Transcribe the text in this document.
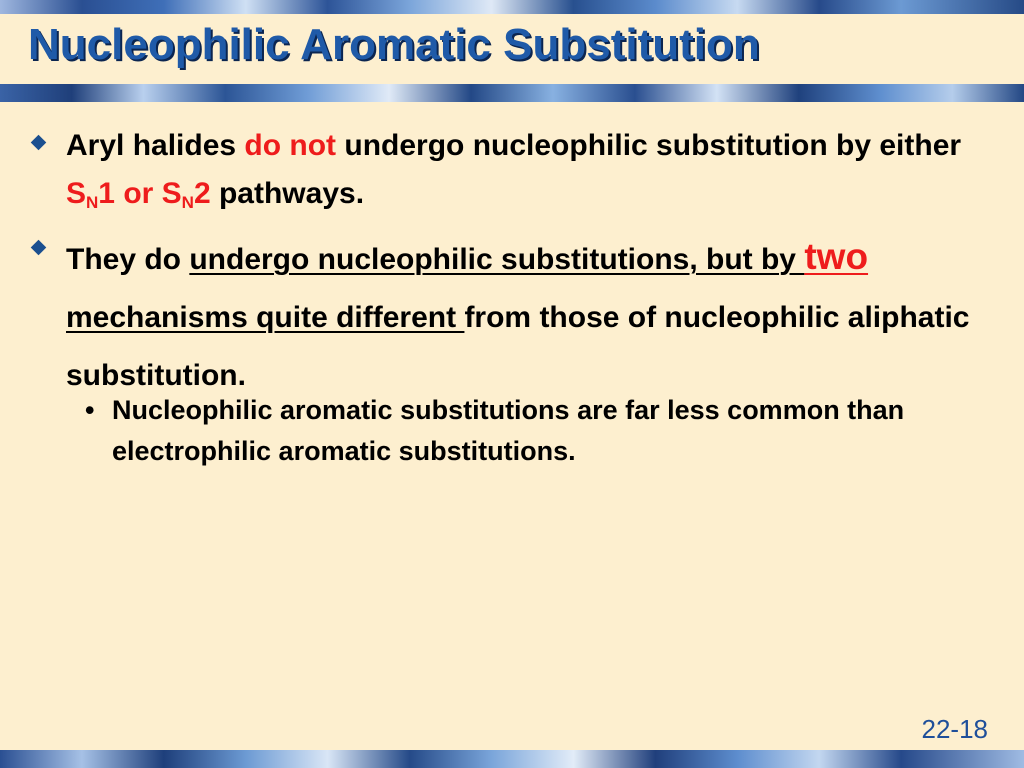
Nucleophilic Aromatic Substitution

Aryl halides do not undergo nucleophilic substitution by either $S_N1$ or $S_N2$ pathways.

They do undergo nucleophilic substitutions, but by two mechanisms quite different from those of nucleophilic aliphatic substitution.

• Nucleophilic aromatic substitutions are far less common than electrophilic aromatic substitutions.

22-18
